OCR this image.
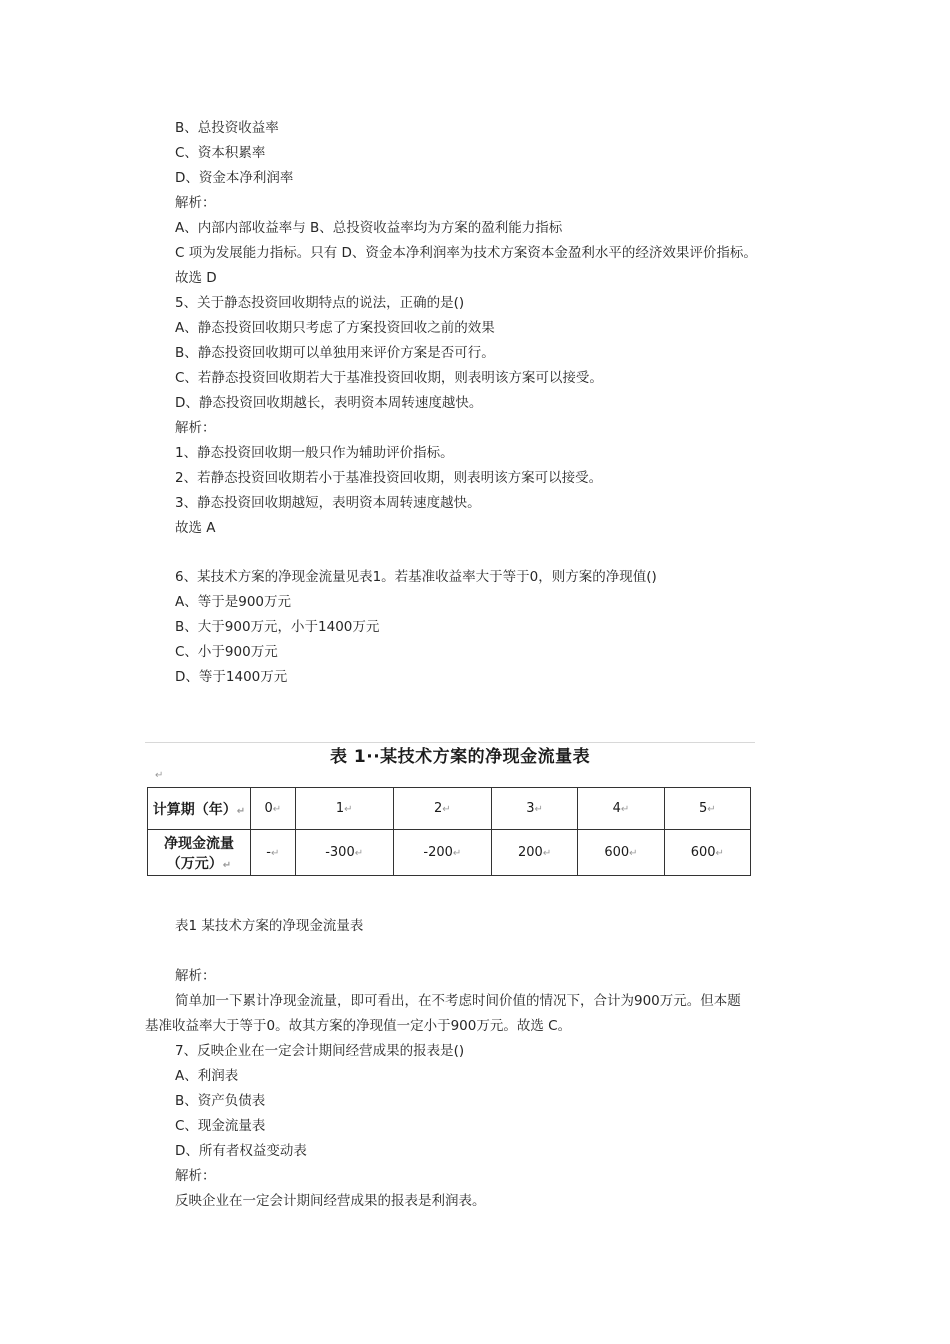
B、总投资收益率
C、资本积累率
D、资金本净利润率
解析：
A、内部内部收益率与 B、总投资收益率均为方案的盈利能力指标
C 项为发展能力指标。只有 D、资金本净利润率为技术方案资本金盈利水平的经济效果评价指标。
故选 D
5、关于静态投资回收期特点的说法，正确的是()
A、静态投资回收期只考虑了方案投资回收之前的效果
B、静态投资回收期可以单独用来评价方案是否可行。
C、若静态投资回收期若大于基准投资回收期，则表明该方案可以接受。
D、静态投资回收期越长，表明资本周转速度越快。
解析：
1、静态投资回收期一般只作为辅助评价指标。
2、若静态投资回收期若小于基准投资回收期，则表明该方案可以接受。
3、静态投资回收期越短，表明资本周转速度越快。
故选 A
6、某技术方案的净现金流量见表1。若基准收益率大于等于0，则方案的净现值()
A、等于是900万元
B、大于900万元，小于1400万元
C、小于900万元
D、等于1400万元
表 1··某技术方案的净现金流量表
↵
计算期（年）↵	0↵	1↵	2↵	3↵	4↵	5↵
净现金流量
（万元）↵	-↵	-300↵	-200↵	200↵	600↵	600↵
表1 某技术方案的净现金流量表
解析：
简单加一下累计净现金流量，即可看出，在不考虑时间价值的情况下，合计为900万元。但本题
基准收益率大于等于0。故其方案的净现值一定小于900万元。故选 C。
7、反映企业在一定会计期间经营成果的报表是()
A、利润表
B、资产负债表
C、现金流量表
D、所有者权益变动表
解析：
反映企业在一定会计期间经营成果的报表是利润表。
